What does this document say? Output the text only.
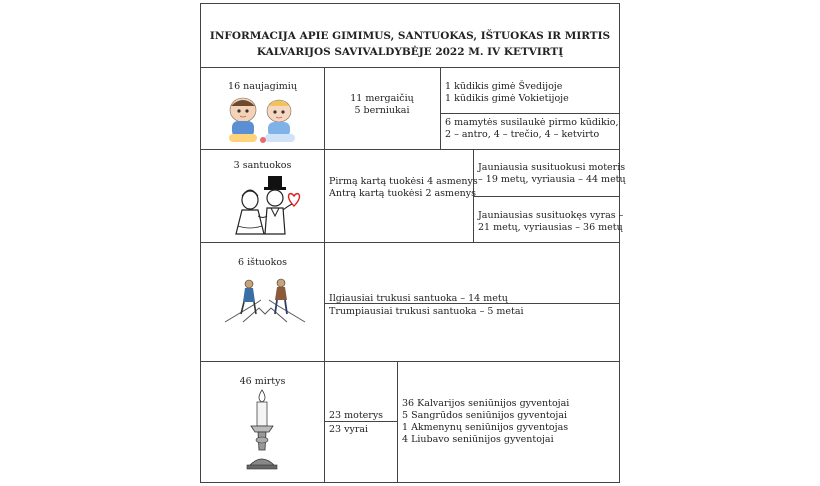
INFORMACIJA APIE GIMIMUS, SANTUOKAS, IŠTUOKAS IR MIRTIS
KALVARIJOS SAVIVALDYBĖJE 2022 M. IV KETVIRTĮ
16 naujagimių
11 mergaičių
5 berniukai
1 kūdikis gimė Švedijoje
1 kūdikis gimė Vokietijoje
6 mamytės susilaukė pirmo kūdikio,
2 – antro, 4 – trečio, 4 – ketvirto
3 santuokos
Pirmą kartą tuokėsi 4 asmenys
Antrą kartą tuokėsi 2 asmenys
Jauniausia susituokusi moteris
– 19 metų, vyriausia – 44 metų
Jauniausias susituokęs vyras –
21 metų, vyriausias – 36 metų
6 ištuokos
Ilgiausiai trukusi santuoka – 14 metų
Trumpiausiai trukusi santuoka – 5 metai
46 mirtys
23 moterys
23 vyrai
36 Kalvarijos seniūnijos gyventojai
5 Sangrūdos seniūnijos gyventojai
1 Akmenynų seniūnijos gyventojas
4 Liubavo seniūnijos gyventojai
